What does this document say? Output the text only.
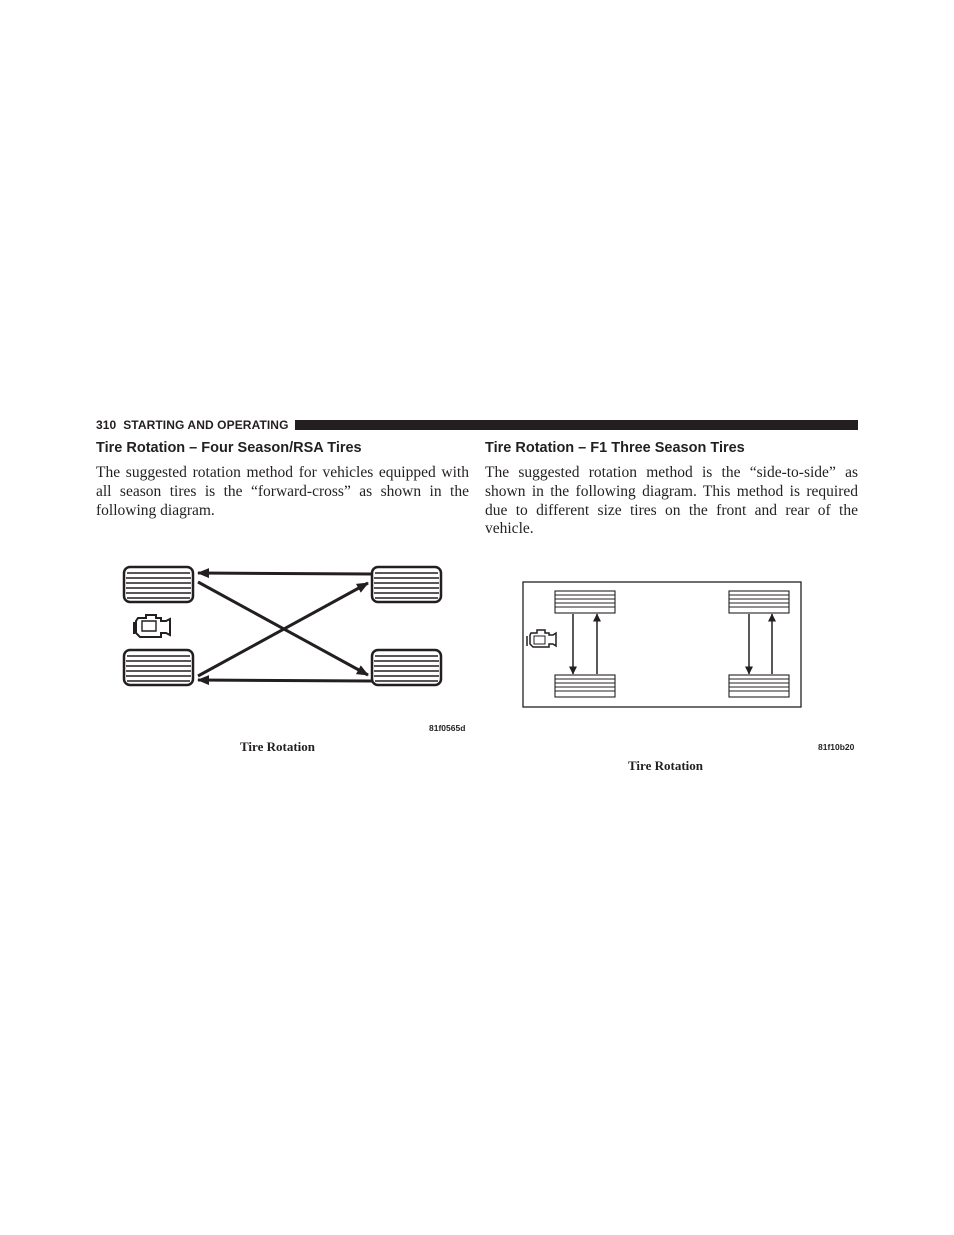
310 STARTING AND OPERATING
Tire Rotation – Four Season/RSA Tires

The suggested rotation method for vehicles equipped with all season tires is the “forward-cross” as shown in the following diagram.

Tire Rotation – F1 Three Season Tires

The suggested rotation method is the “side-to-side” as shown in the following diagram. This method is required due to different size tires on the front and rear of the vehicle.

81f0565d
Tire Rotation	81f10b20
Tire Rotation
